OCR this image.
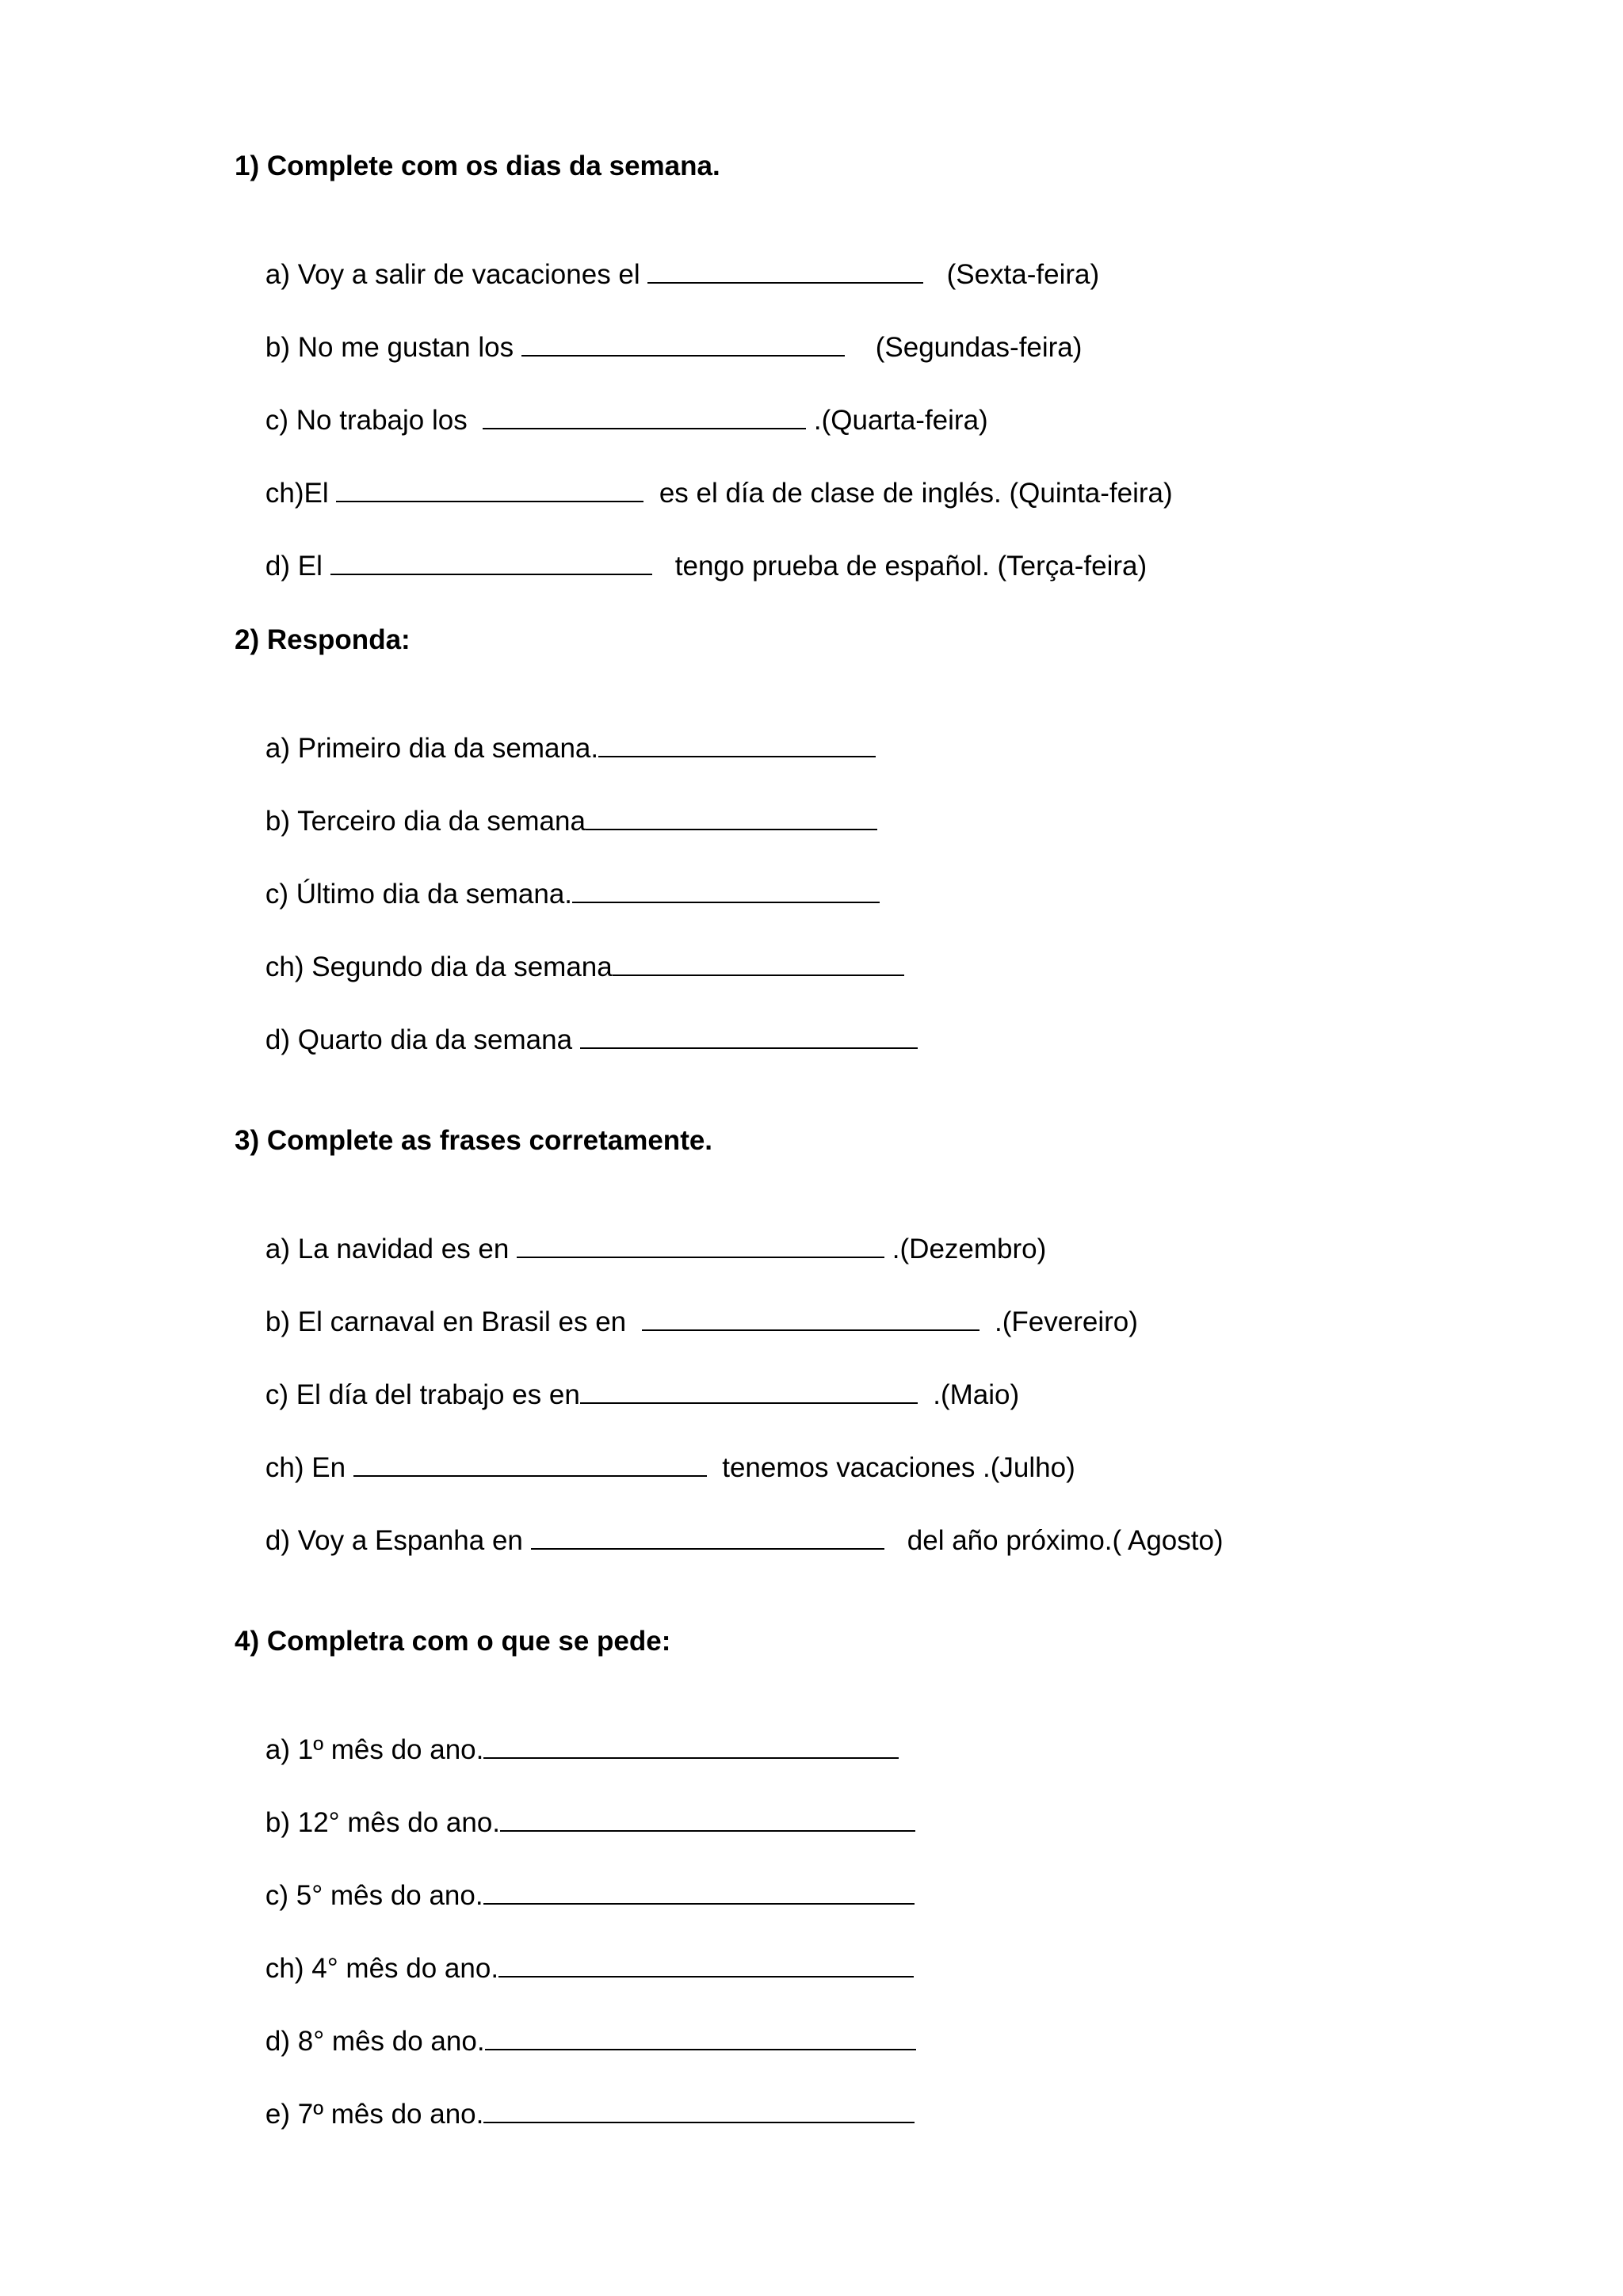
1) Complete com os dias da semana.

a) Voy a salir de vacaciones el	(Sexta-feira)

b) No me gustan los	(Segundas-feira)

c) No trabajo los	.(Quarta-feira)

ch)El	es el día de clase de inglés. (Quinta-feira)

d) El	tengo prueba de español. (Terça-feira)

2) Responda:

a) Primeiro dia da semana.

b) Terceiro dia da semana

c) Último dia da semana.

ch) Segundo dia da semana

d) Quarto dia da semana

3) Complete as frases corretamente.

a) La navidad es en	.(Dezembro)

b) El carnaval en Brasil es en	.(Fevereiro)

c) El día del trabajo es en	.(Maio)

ch) En	tenemos vacaciones .(Julho)

d) Voy a Espanha en	del año próximo.( Agosto)

4) Completra com o que se pede:

a) 1º mês do ano.

b) 12° mês do ano.

c) 5° mês do ano.

ch) 4° mês do ano.

d) 8° mês do ano.

e) 7º mês do ano.
